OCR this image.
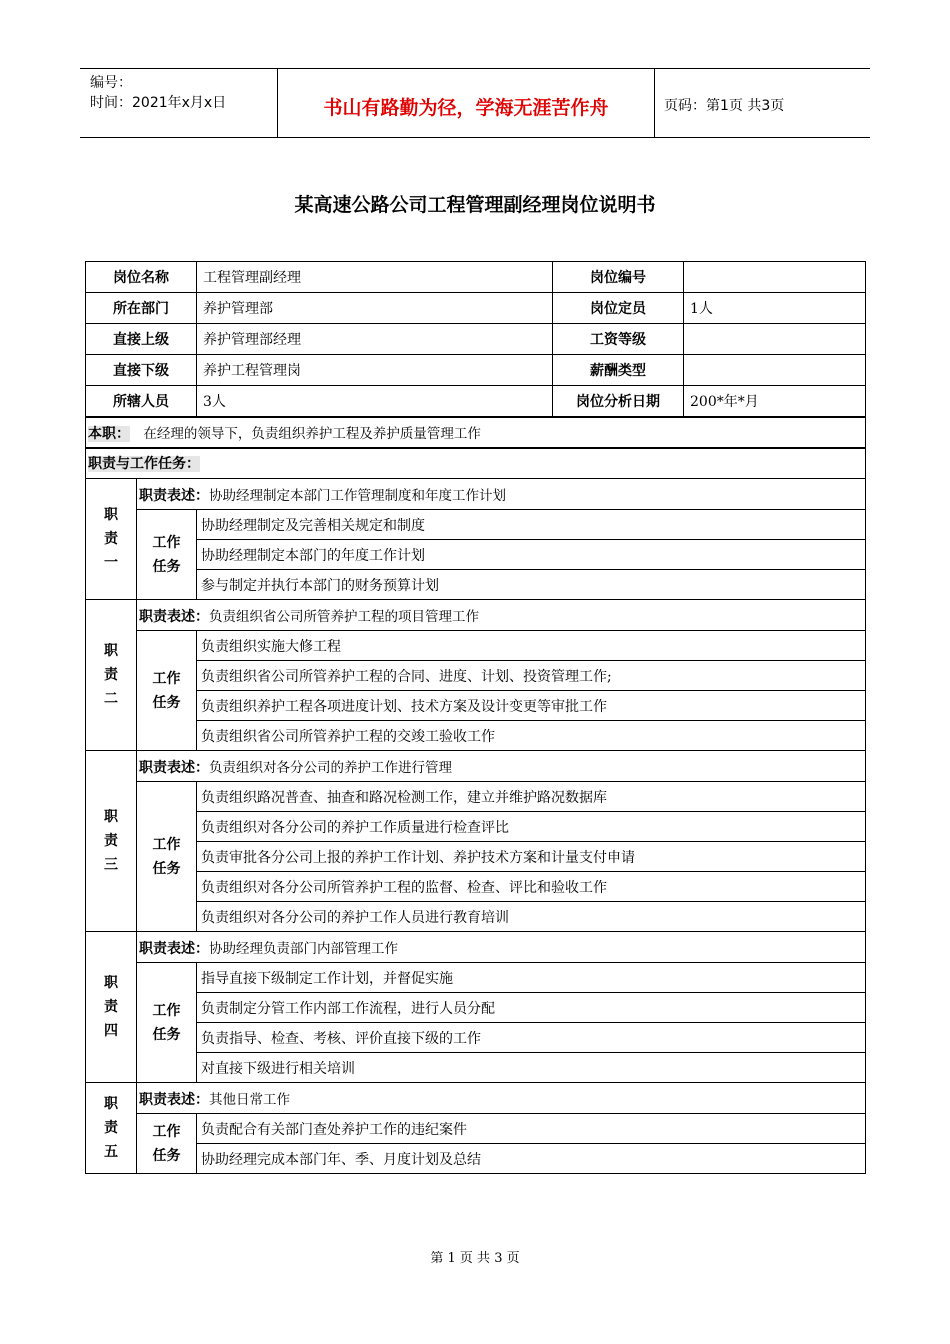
编号：
时间：2021年x月x日	书山有路勤为径，学海无涯苦作舟	页码：第1页 共3页
某高速公路公司工程管理副经理岗位说明书
岗位名称		工程管理副经理	岗位编号	
所在部门		养护管理部	岗位定员	1人
直接上级		养护管理部经理	工资等级	
直接下级		养护工程管理岗	薪酬类型	
所辖人员		3人	岗位分析日期	200*年*月
本职： 在经理的领导下，负责组织养护工程及养护质量管理工作				
职责与工作任务：				

职
责
一	职责表述：协助经理制定本部门工作管理制度和年度工作计划			

	工作
任务	协助经理制定及完善相关规定和制度		
		协助经理制定本部门的年度工作计划		
		参与制定并执行本部门的财务预算计划		

职
责
二	职责表述：负责组织省公司所管养护工程的项目管理工作			

	工作
任务	负责组织实施大修工程		
		负责组织省公司所管养护工程的合同、进度、计划、投资管理工作;		
		负责组织养护工程各项进度计划、技术方案及设计变更等审批工作		
		负责组织省公司所管养护工程的交竣工验收工作		

职
责
三	职责表述：负责组织对各分公司的养护工作进行管理			

	工作
任务	负责组织路况普查、抽查和路况检测工作，建立并维护路况数据库		
		负责组织对各分公司的养护工作质量进行检查评比		
		负责审批各分公司上报的养护工作计划、养护技术方案和计量支付申请		
		负责组织对各分公司所管养护工程的监督、检查、评比和验收工作		
		负责组织对各分公司的养护工作人员进行教育培训		

职
责
四	职责表述：协助经理负责部门内部管理工作			

	工作
任务	指导直接下级制定工作计划，并督促实施		
		负责制定分管工作内部工作流程，进行人员分配		
		负责指导、检查、考核、评价直接下级的工作		
		对直接下级进行相关培训		

职
责
五	职责表述：其他日常工作			

	工作
任务	负责配合有关部门查处养护工作的违纪案件		
		协助经理完成本部门年、季、月度计划及总结		
第 1 页 共 3 页
